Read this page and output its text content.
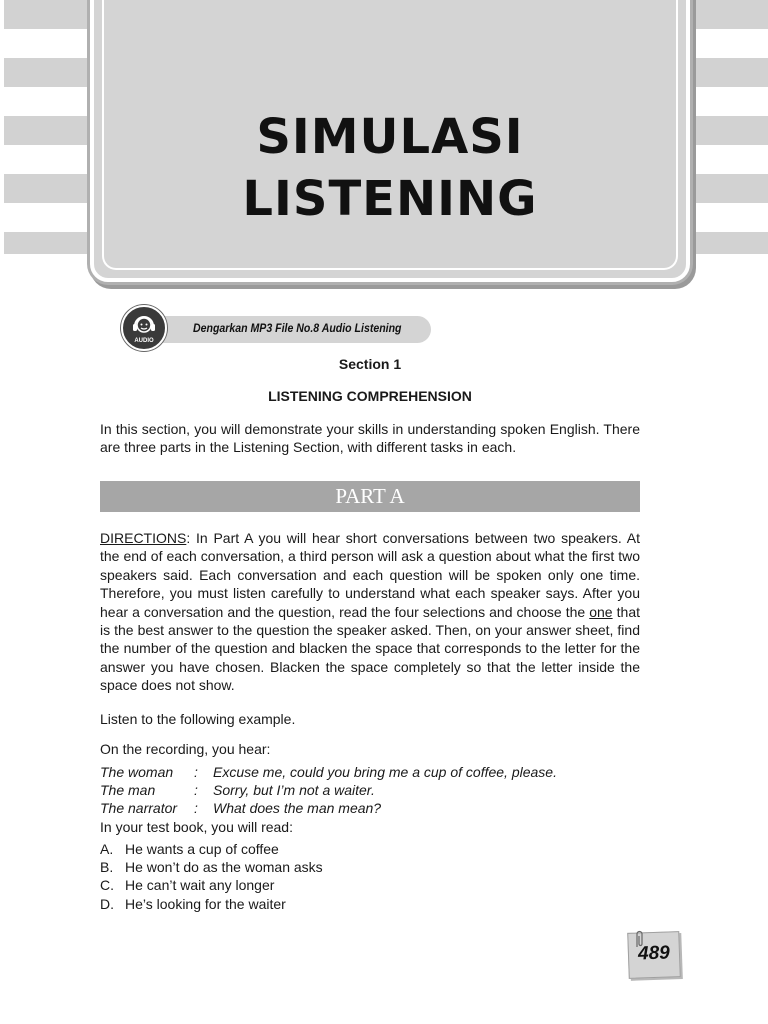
SIMULASI
LISTENING
Dengarkan MP3 File No.8 Audio Listening
AUDIO

Section 1

LISTENING COMPREHENSION

In this section, you will demonstrate your skills in understanding spoken English. There are three parts in the Listening Section, with different tasks in each.

PART A

DIRECTIONS: In Part A you will hear short conversations between two speakers. At the end of each conversation, a third person will ask a question about what the first two speakers said. Each conversation and each question will be spoken only one time. Therefore, you must listen carefully to understand what each speaker says. After you hear a conversation and the question, read the four selections and choose the one that is the best answer to the question the speaker asked. Then, on your answer sheet, find the number of the question and blacken the space that corresponds to the letter for the answer you have chosen. Blacken the space completely so that the letter inside the space does not show.

Listen to the following example.

On the recording, you hear:

The woman : Excuse me, could you bring me a cup of coffee, please.
The man	: Sorry, but I’m not a waiter.
The narrator : What does the man mean?

In your test book, you will read:

A. He wants a cup of coffee
B. He won’t do as the woman asks
C. He can’t wait any longer
D. He’s looking for the waiter
489
